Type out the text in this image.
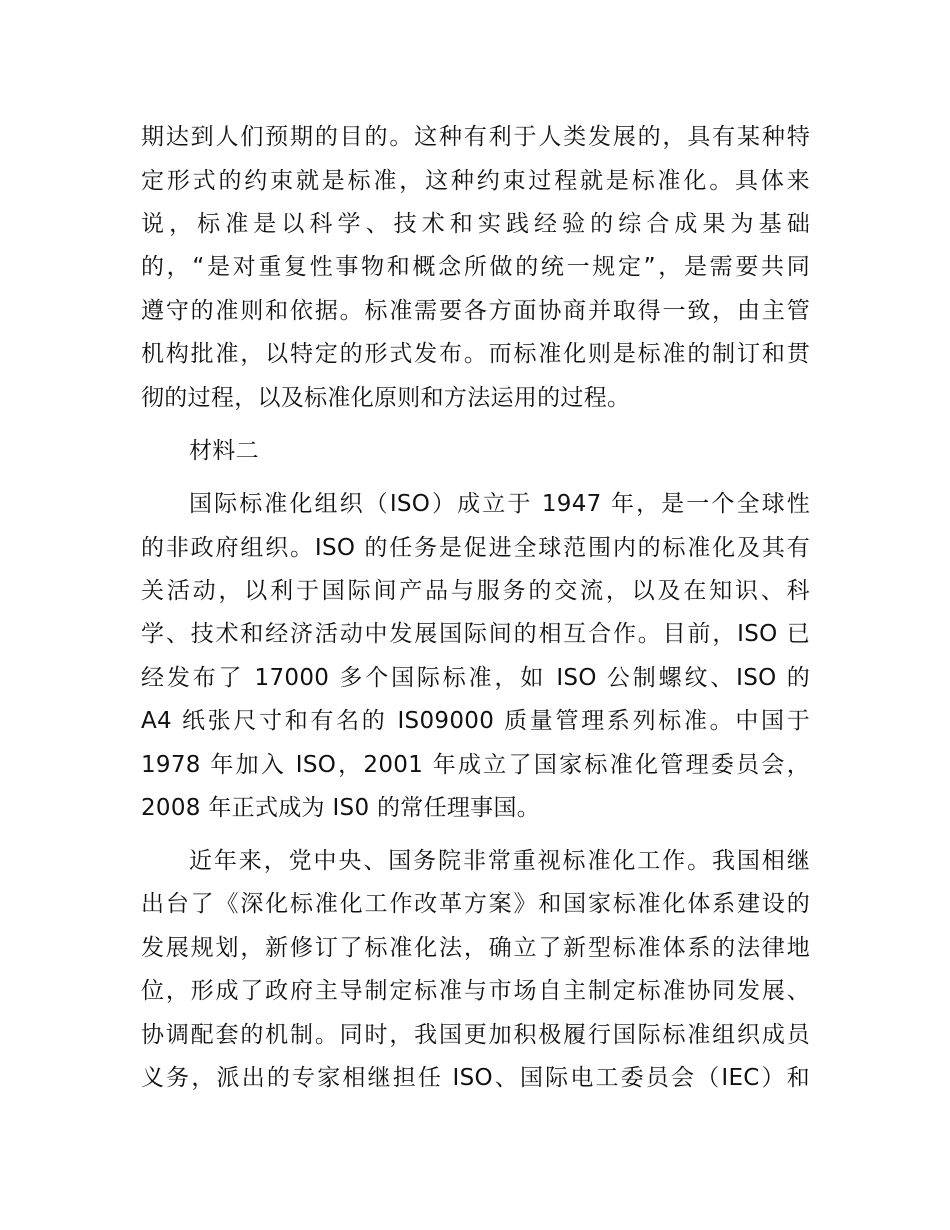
期达到人们预期的目的。这种有利于人类发展的，具有某种特
定形式的约束就是标准，这种约束过程就是标准化。具体来
说，标准是以科学、技术和实践经验的综合成果为基础
的，“是对重复性事物和概念所做的统一规定”，是需要共同
遵守的准则和依据。标准需要各方面协商并取得一致，由主管
机构批准，以特定的形式发布。而标准化则是标准的制订和贯
彻的过程，以及标准化原则和方法运用的过程。
材料二
国际标准化组织（ISO）成立于 1947 年，是一个全球性
的非政府组织。ISO 的任务是促进全球范围内的标准化及其有
关活动，以利于国际间产品与服务的交流，以及在知识、科
学、技术和经济活动中发展国际间的相互合作。目前，ISO 已
经发布了 17000 多个国际标准，如 ISO 公制螺纹、ISO 的
A4 纸张尺寸和有名的 IS09000 质量管理系列标准。中国于
1978 年加入 ISO，2001 年成立了国家标准化管理委员会，
2008 年正式成为 IS0 的常任理事国。
近年来，党中央、国务院非常重视标准化工作。我国相继
出台了《深化标准化工作改革方案》和国家标准化体系建设的
发展规划，新修订了标准化法，确立了新型标准体系的法律地
位，形成了政府主导制定标准与市场自主制定标准协同发展、
协调配套的机制。同时，我国更加积极履行国际标准组织成员
义务，派出的专家相继担任 ISO、国际电工委员会（IEC）和
